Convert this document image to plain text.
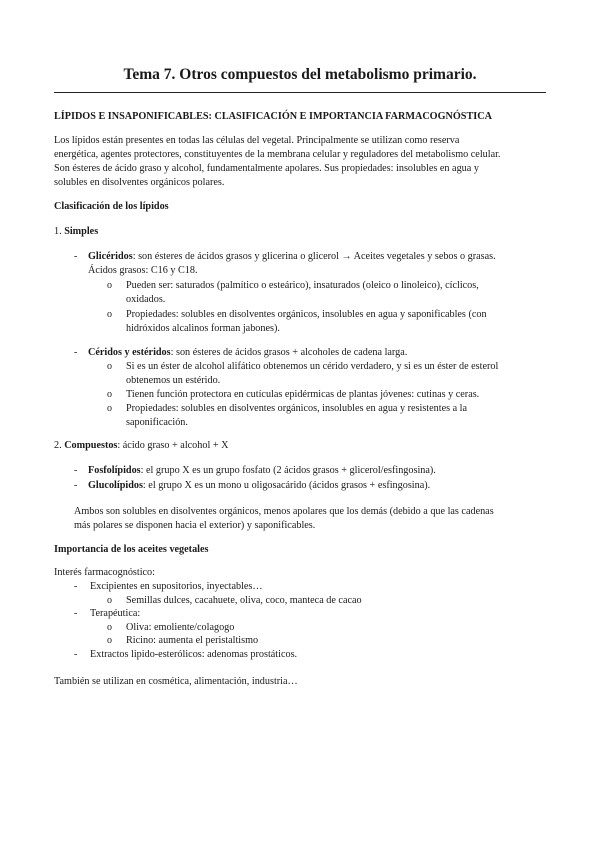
Tema 7. Otros compuestos del metabolismo primario.
LÍPIDOS E INSAPONIFICABLES: CLASIFICACIÓN E IMPORTANCIA FARMACOGNÓSTICA
Los lípidos están presentes en todas las células del vegetal. Principalmente se utilizan como reserva
energética, agentes protectores, constituyentes de la membrana celular y reguladores del metabolismo celular.
Son ésteres de ácido graso y alcohol, fundamentalmente apolares. Sus propiedades: insolubles en agua y
solubles en disolventes orgánicos polares.
Clasificación de los lípidos
1. Simples
- Glicéridos: son ésteres de ácidos grasos y glicerina o glicerol → Aceites vegetales y sebos o grasas.
Ácidos grasos: C16 y C18.
o Pueden ser: saturados (palmítico o esteárico), insaturados (oleico o linoleico), cíclicos,
oxidados.
o Propiedades: solubles en disolventes orgánicos, insolubles en agua y saponificables (con
hidróxidos alcalinos forman jabones).
- Céridos y estéridos: son ésteres de ácidos grasos + alcoholes de cadena larga.
o Si es un éster de alcohol alifático obtenemos un cérido verdadero, y si es un éster de esterol
obtenemos un estérido.
o Tienen función protectora en cutículas epidérmicas de plantas jóvenes: cutinas y ceras.
o Propiedades: solubles en disolventes orgánicos, insolubles en agua y resistentes a la
saponificación.
2. Compuestos: ácido graso + alcohol + X
- Fosfolípidos: el grupo X es un grupo fosfato (2 ácidos grasos + glicerol/esfingosina).
- Glucolípidos: el grupo X es un mono u oligosacárido (ácidos grasos + esfingosina).
Ambos son solubles en disolventes orgánicos, menos apolares que los demás (debido a que las cadenas
más polares se disponen hacia el exterior) y saponificables.
Importancia de los aceites vegetales
Interés farmacognóstico:
- Excipientes en supositorios, inyectables…
o Semillas dulces, cacahuete, oliva, coco, manteca de cacao
- Terapéutica:
o Oliva: emoliente/colagogo
o Ricino: aumenta el peristaltismo
- Extractos lipido-esterólicos: adenomas prostáticos.
También se utilizan en cosmética, alimentación, industria…
